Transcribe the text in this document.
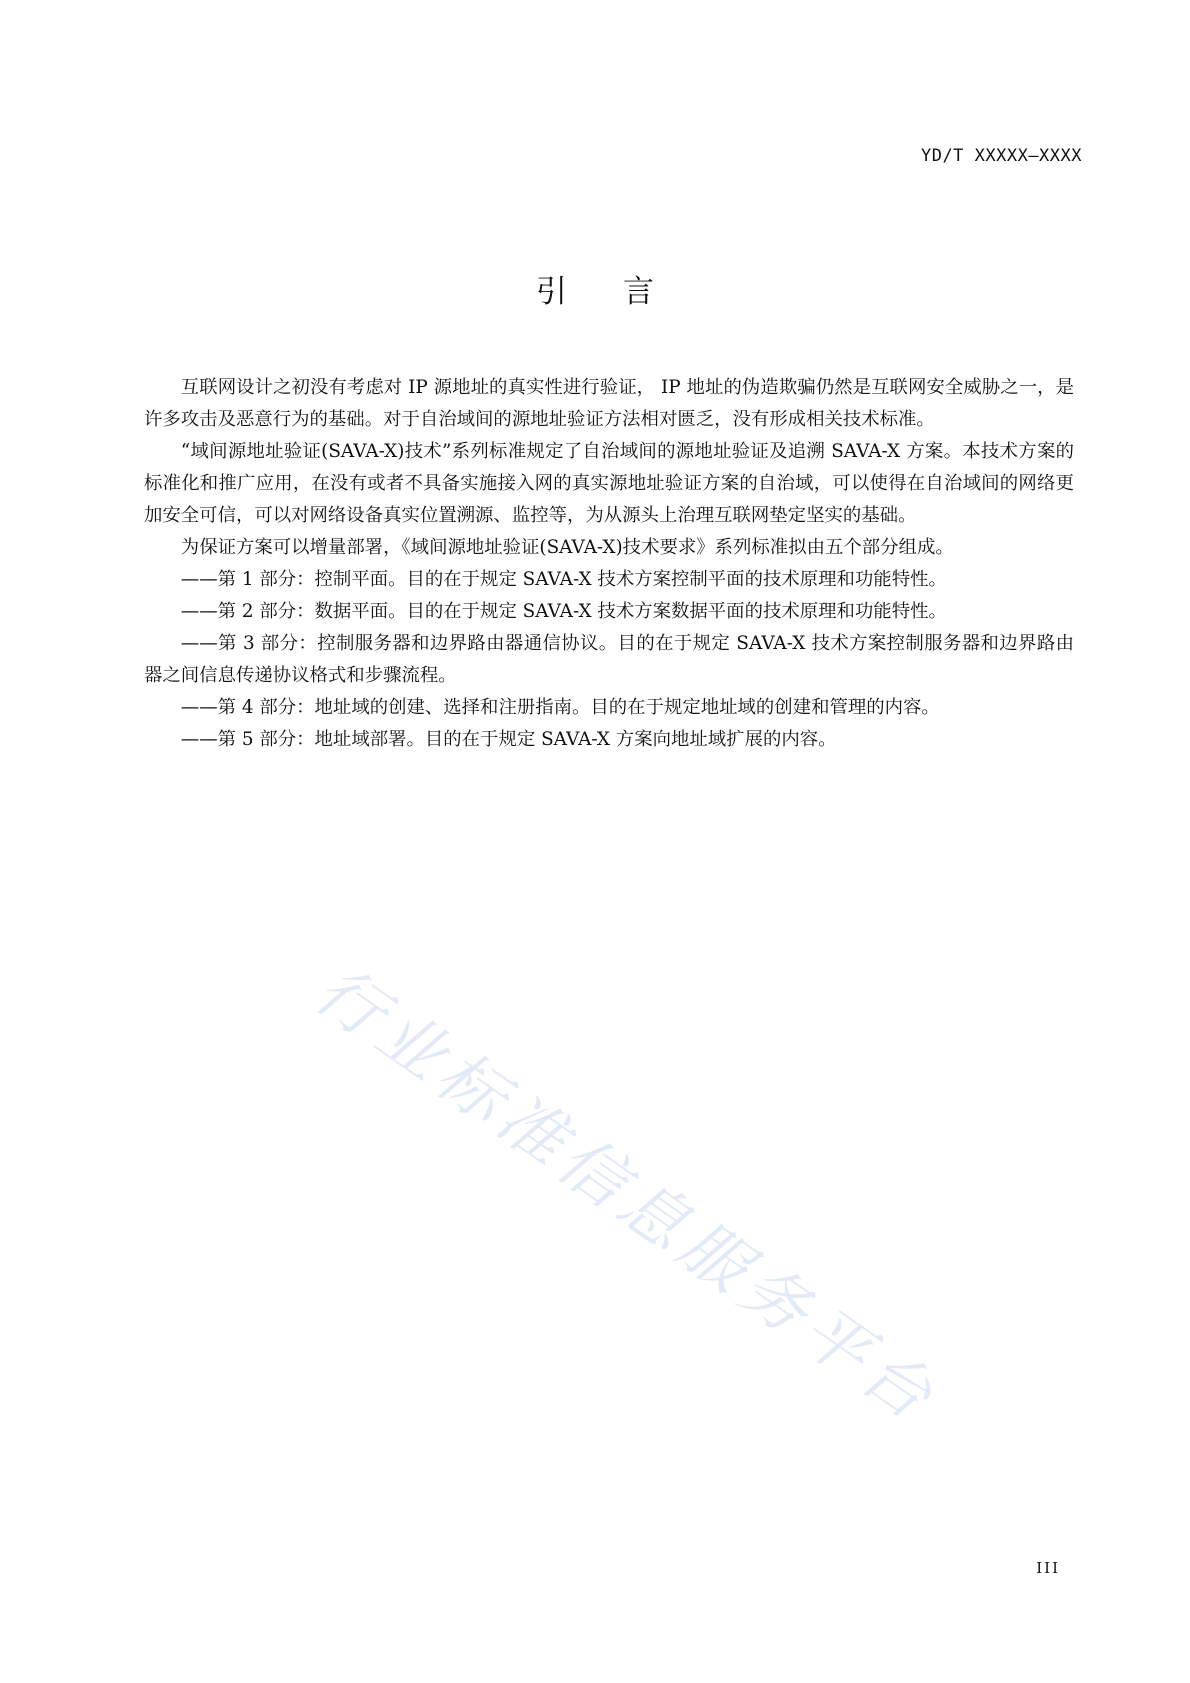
YD/T XXXXX—XXXX
引言

互联网设计之初没有考虑对 IP 源地址的真实性进行验证， IP 地址的伪造欺骗仍然是互联网安全威胁之一，是许多攻击及恶意行为的基础。对于自治域间的源地址验证方法相对匮乏，没有形成相关技术标准。

“域间源地址验证(SAVA-X)技术”系列标准规定了自治域间的源地址验证及追溯 SAVA-X 方案。本技术方案的标准化和推广应用，在没有或者不具备实施接入网的真实源地址验证方案的自治域，可以使得在自治域间的网络更加安全可信，可以对网络设备真实位置溯源、监控等，为从源头上治理互联网垫定坚实的基础。

为保证方案可以增量部署，《域间源地址验证(SAVA-X)技术要求》系列标准拟由五个部分组成。

——第 1 部分：控制平面。目的在于规定 SAVA-X 技术方案控制平面的技术原理和功能特性。

——第 2 部分：数据平面。目的在于规定 SAVA-X 技术方案数据平面的技术原理和功能特性。

——第 3 部分：控制服务器和边界路由器通信协议。目的在于规定 SAVA-X 技术方案控制服务器和边界路由器之间信息传递协议格式和步骤流程。

——第 4 部分：地址域的创建、选择和注册指南。目的在于规定地址域的创建和管理的内容。

——第 5 部分：地址域部署。目的在于规定 SAVA-X 方案向地址域扩展的内容。

行业标准信息服务平台
III
